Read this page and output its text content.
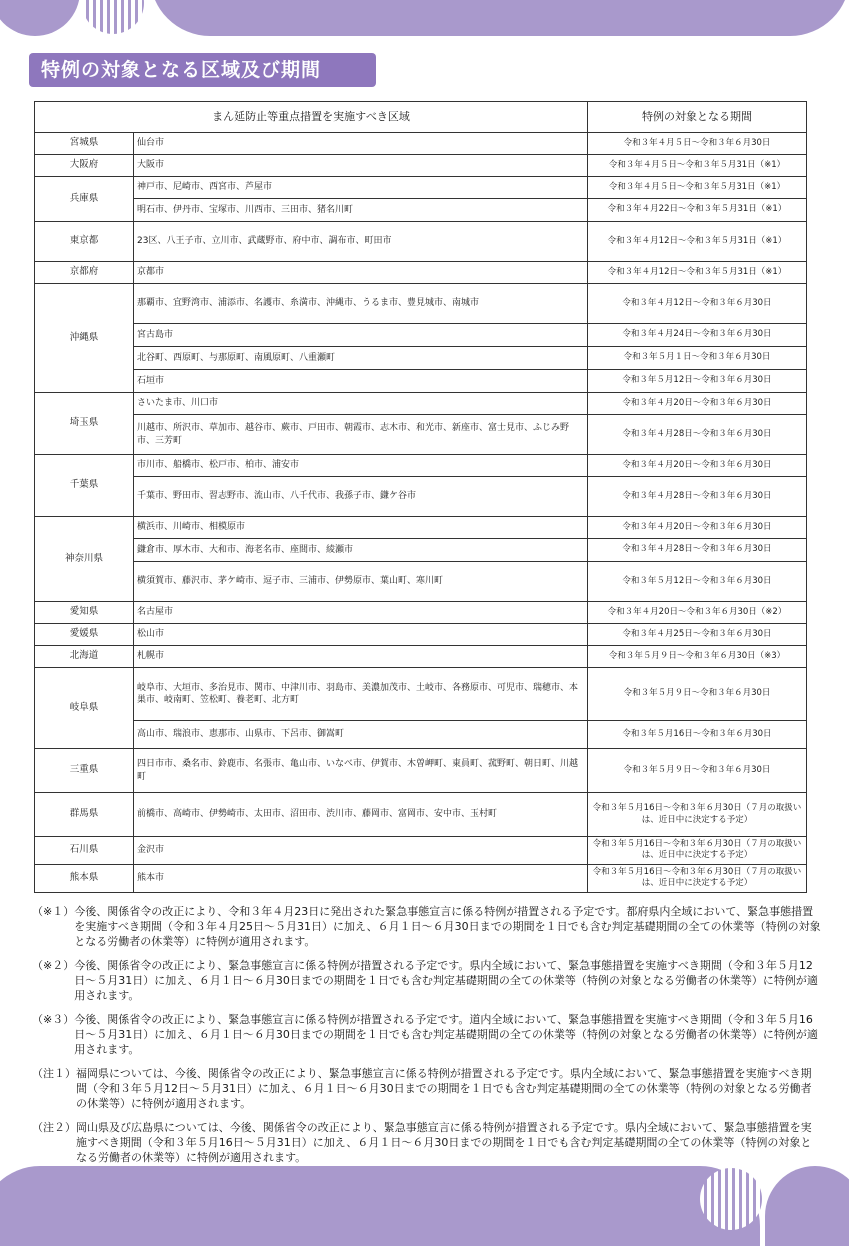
特例の対象となる区域及び期間
まん延防止等重点措置を実施すべき区域		特例の対象となる期間
宮城県	仙台市	令和３年４月５日～令和３年６月30日
大阪府	大阪市	令和３年４月５日～令和３年５月31日（※1）
兵庫県	神戸市、尼崎市、西宮市、芦屋市	令和３年４月５日～令和３年５月31日（※1）
	明石市、伊丹市、宝塚市、川西市、三田市、猪名川町	令和３年４月22日～令和３年５月31日（※1）
東京都	23区、八王子市、立川市、武蔵野市、府中市、調布市、町田市	令和３年４月12日～令和３年５月31日（※1）
京都府	京都市	令和３年４月12日～令和３年５月31日（※1）
沖縄県	那覇市、宜野湾市、浦添市、名護市、糸満市、沖縄市、うるま市、豊見城市、南城市	令和３年４月12日～令和３年６月30日
	宮古島市	令和３年４月24日～令和３年６月30日
	北谷町、西原町、与那原町、南風原町、八重瀬町	令和３年５月１日～令和３年６月30日
	石垣市	令和３年５月12日～令和３年６月30日
埼玉県	さいたま市、川口市	令和３年４月20日～令和３年６月30日
	川越市、所沢市、草加市、越谷市、蕨市、戸田市、朝霞市、志木市、和光市、新座市、富士見市、ふじみ野市、三芳町	令和３年４月28日～令和３年６月30日
千葉県	市川市、船橋市、松戸市、柏市、浦安市	令和３年４月20日～令和３年６月30日
	千葉市、野田市、習志野市、流山市、八千代市、我孫子市、鎌ケ谷市	令和３年４月28日～令和３年６月30日
神奈川県	横浜市、川崎市、相模原市	令和３年４月20日～令和３年６月30日
	鎌倉市、厚木市、大和市、海老名市、座間市、綾瀬市	令和３年４月28日～令和３年６月30日
	横須賀市、藤沢市、茅ケ崎市、逗子市、三浦市、伊勢原市、葉山町、寒川町	令和３年５月12日～令和３年６月30日
愛知県	名古屋市	令和３年４月20日～令和３年６月30日（※2）
愛媛県	松山市	令和３年４月25日～令和３年６月30日
北海道	札幌市	令和３年５月９日～令和３年６月30日（※3）
岐阜県	岐阜市、大垣市、多治見市、関市、中津川市、羽島市、美濃加茂市、土岐市、各務原市、可児市、瑞穂市、本巣市、岐南町、笠松町、養老町、北方町	令和３年５月９日～令和３年６月30日
	高山市、瑞浪市、恵那市、山県市、下呂市、御嵩町	令和３年５月16日～令和３年６月30日
三重県	四日市市、桑名市、鈴鹿市、名張市、亀山市、いなべ市、伊賀市、木曽岬町、東員町、菰野町、朝日町、川越町	令和３年５月９日～令和３年６月30日
群馬県	前橋市、高崎市、伊勢崎市、太田市、沼田市、渋川市、藤岡市、富岡市、安中市、玉村町	令和３年５月16日～令和３年６月30日（７月の取扱いは、近日中に決定する予定）
石川県	金沢市	令和３年５月16日～令和３年６月30日（７月の取扱いは、近日中に決定する予定）
熊本県	熊本市	令和３年５月16日～令和３年６月30日（７月の取扱いは、近日中に決定する予定）
（※１） 今後、関係省令の改正により、令和３年４月23日に発出された緊急事態宣言に係る特例が措置される予定です。都府県内全域において、緊急事態措置を実施すべき期間（令和３年４月25日～５月31日）に加え、６月１日～６月30日までの期間を１日でも含む判定基礎期間の全ての休業等（特例の対象となる労働者の休業等）に特例が適用されます。
（※２） 今後、関係省令の改正により、緊急事態宣言に係る特例が措置される予定です。県内全域において、緊急事態措置を実施すべき期間（令和３年５月12日～５月31日）に加え、６月１日～６月30日までの期間を１日でも含む判定基礎期間の全ての休業等（特例の対象となる労働者の休業等）に特例が適用されます。
（※３） 今後、関係省令の改正により、緊急事態宣言に係る特例が措置される予定です。道内全域において、緊急事態措置を実施すべき期間（令和３年５月16日～５月31日）に加え、６月１日～６月30日までの期間を１日でも含む判定基礎期間の全ての休業等（特例の対象となる労働者の休業等）に特例が適用されます。
（注１） 福岡県については、今後、関係省令の改正により、緊急事態宣言に係る特例が措置される予定です。県内全域において、緊急事態措置を実施すべき期間（令和３年５月12日～５月31日）に加え、６月１日～６月30日までの期間を１日でも含む判定基礎期間の全ての休業等（特例の対象となる労働者の休業等）に特例が適用されます。
（注２） 岡山県及び広島県については、今後、関係省令の改正により、緊急事態宣言に係る特例が措置される予定です。県内全域において、緊急事態措置を実施すべき期間（令和３年５月16日～５月31日）に加え、６月１日～６月30日までの期間を１日でも含む判定基礎期間の全ての休業等（特例の対象となる労働者の休業等）に特例が適用されます。
